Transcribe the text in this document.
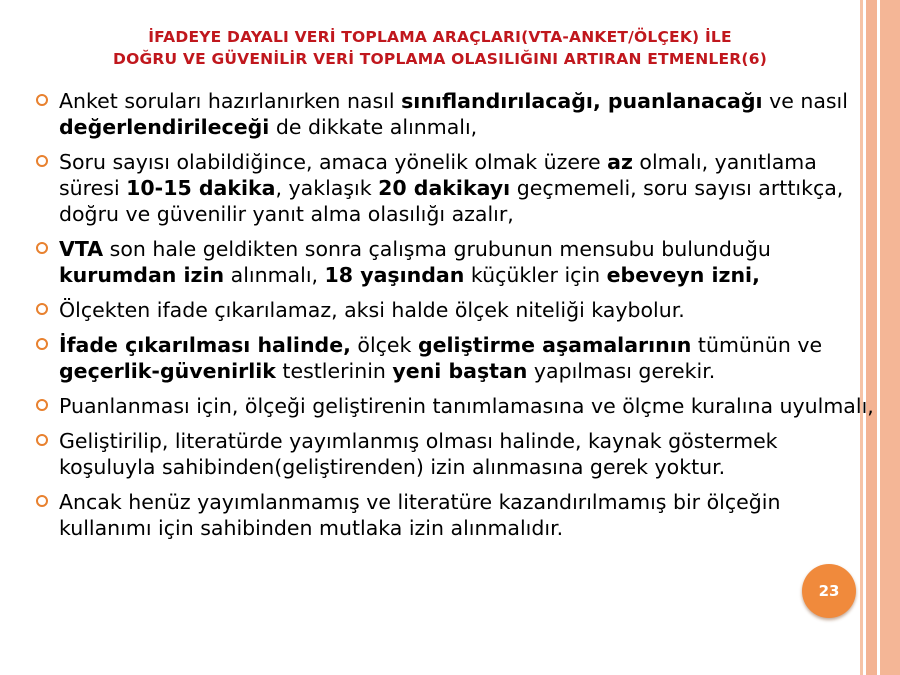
İFADEYE DAYALI VERİ TOPLAMA ARAÇLARI(VTA-ANKET/ÖLÇEK) İLE
DOĞRU VE GÜVENİLİR VERİ TOPLAMA OLASILIĞINI ARTIRAN ETMENLER(6)
Anket soruları hazırlanırken nasıl sınıflandırılacağı, puanlanacağı ve nasıl değerlendirileceği de dikkate alınmalı,
Soru sayısı olabildiğince, amaca yönelik olmak üzere az olmalı, yanıtlama süresi 10-15 dakika, yaklaşık 20 dakikayı geçmemeli, soru sayısı arttıkça, doğru ve güvenilir yanıt alma olasılığı azalır,
VTA son hale geldikten sonra çalışma grubunun mensubu bulunduğu kurumdan izin alınmalı, 18 yaşından küçükler için ebeveyn izni,
Ölçekten ifade çıkarılamaz, aksi halde ölçek niteliği kaybolur.
İfade çıkarılması halinde, ölçek geliştirme aşamalarının tümünün ve geçerlik-güvenirlik testlerinin yeni baştan yapılması gerekir.
Puanlanması için, ölçeği geliştirenin tanımlamasına ve ölçme kuralına uyulmalı,
Geliştirilip, literatürde yayımlanmış olması halinde, kaynak göstermek koşuluyla sahibinden(geliştirenden) izin alınmasına gerek yoktur.
Ancak henüz yayımlanmamış ve literatüre kazandırılmamış bir ölçeğin kullanımı için sahibinden mutlaka izin alınmalıdır.
23
